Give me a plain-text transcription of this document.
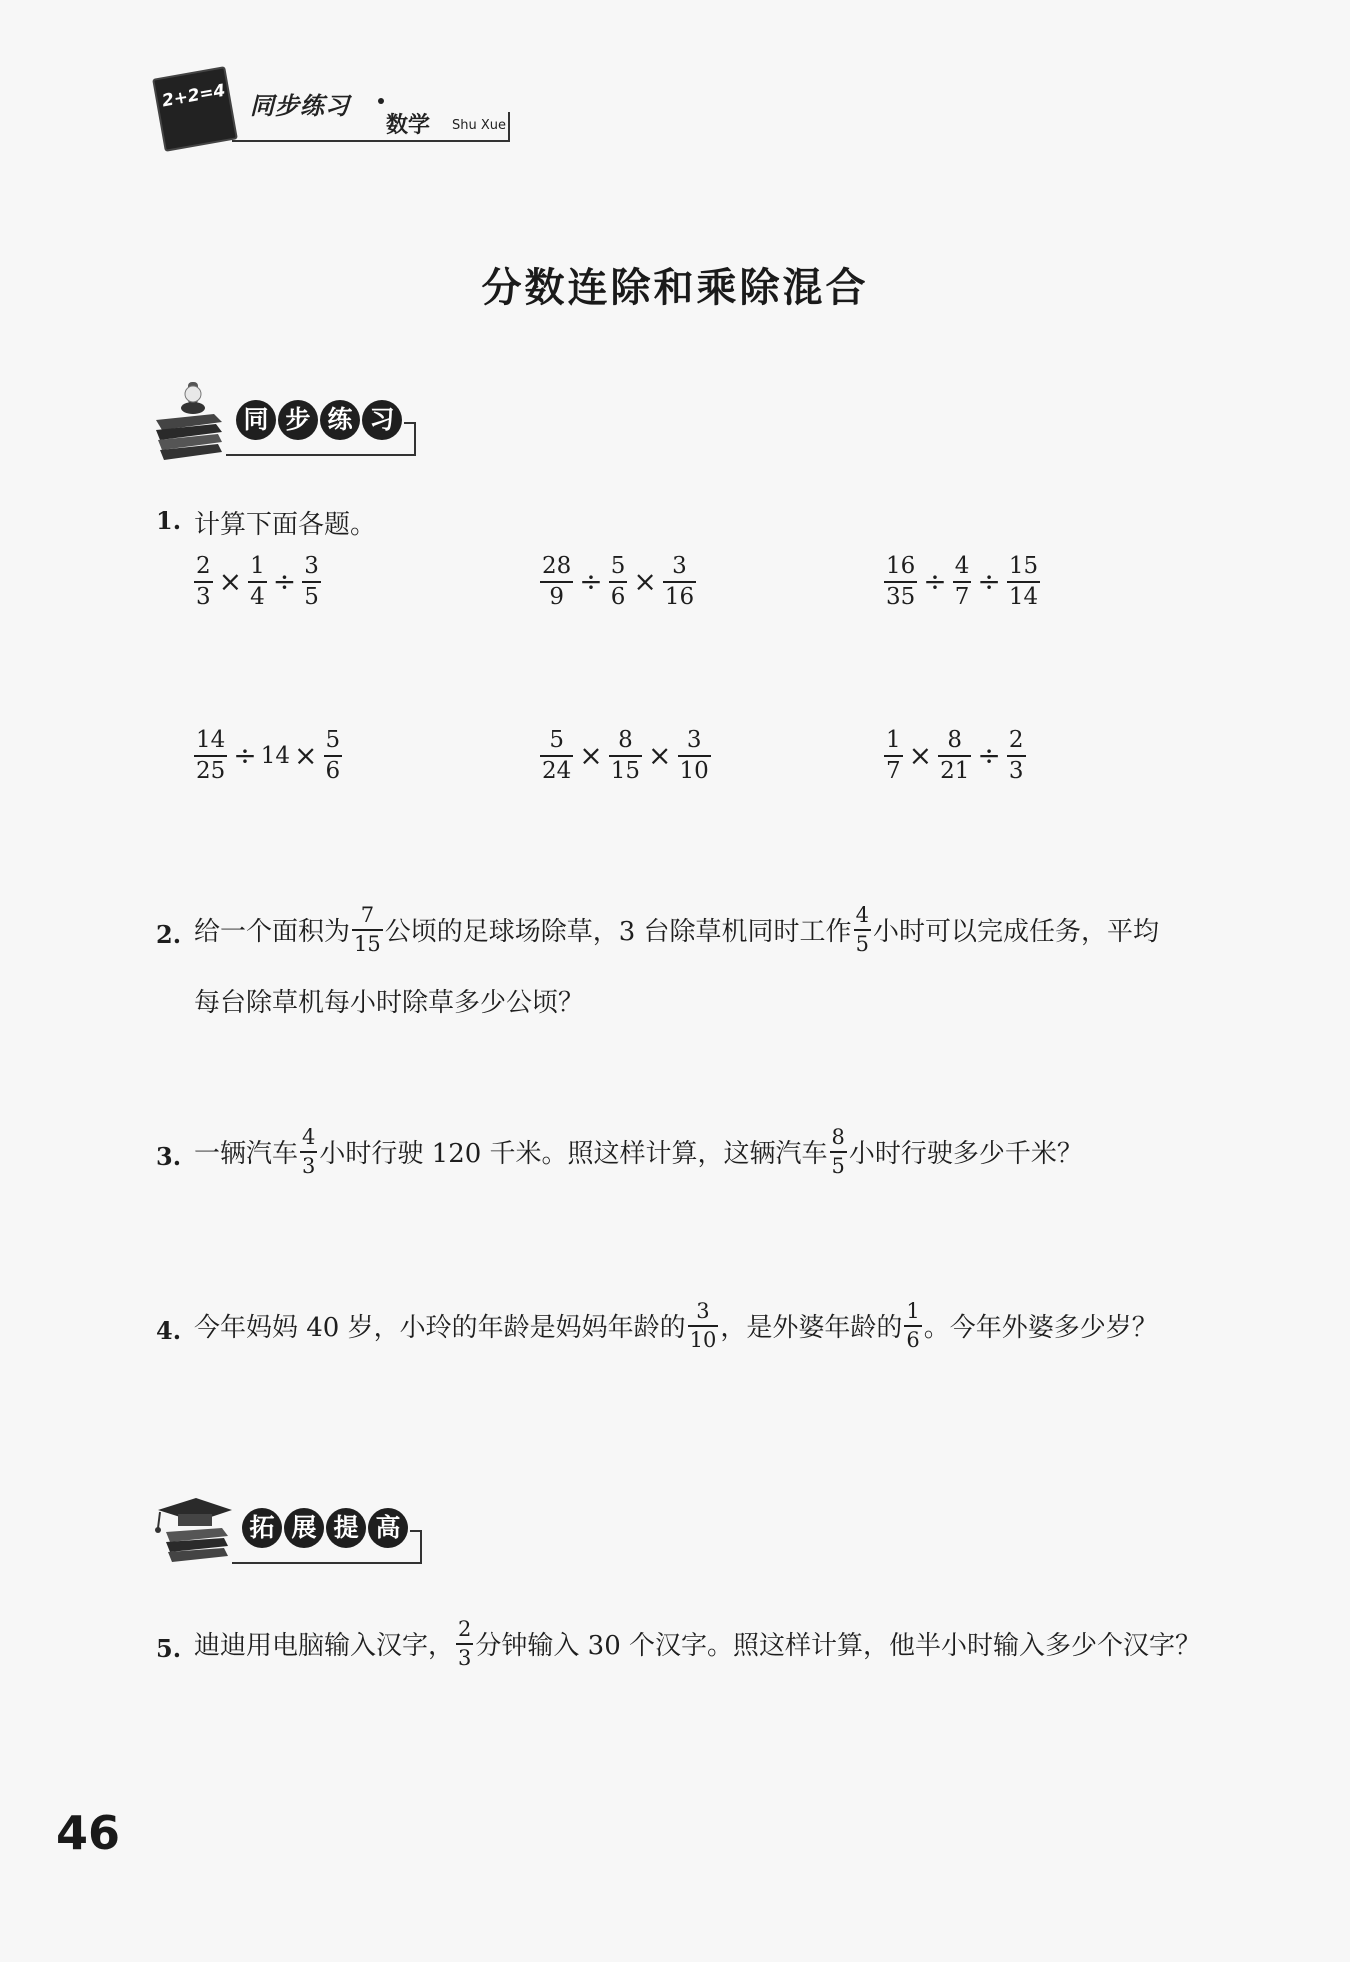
2+2=4 同步练习
数学 Shu Xue
分数连除和乘除混合
同 步 练 习
1. 计算下面各题。
$\frac{2}{3} \times \frac{1}{4} \div \frac{3}{5}$	$\frac{28}{9} \div \frac{5}{6} \times \frac{3}{16}$	$\frac{16}{35} \div \frac{4}{7} \div \frac{15}{14}$
$\frac{14}{25} \div 14 \times \frac{5}{6}$	$\frac{5}{24} \times \frac{8}{15} \times \frac{3}{10}$	$\frac{1}{7} \times \frac{8}{21} \div \frac{2}{3}$
2. 给一个面积为 $\frac{7}{15}$ 公顷的足球场除草，3 台除草机同时工作 $\frac{4}{5}$ 小时可以完成任务，平均
每台除草机每小时除草多少公顷？
3. 一辆汽车 $\frac{4}{3}$ 小时行驶 120 千米。照这样计算，这辆汽车 $\frac{8}{5}$ 小时行驶多少千米？
4. 今年妈妈 40 岁，小玲的年龄是妈妈年龄的 $\frac{3}{10}$ ，是外婆年龄的 $\frac{1}{6}$ 。今年外婆多少岁？
拓 展 提 高
5. 迪迪用电脑输入汉字， $\frac{2}{3}$ 分钟输入 30 个汉字。照这样计算，他半小时输入多少个汉字？
46
